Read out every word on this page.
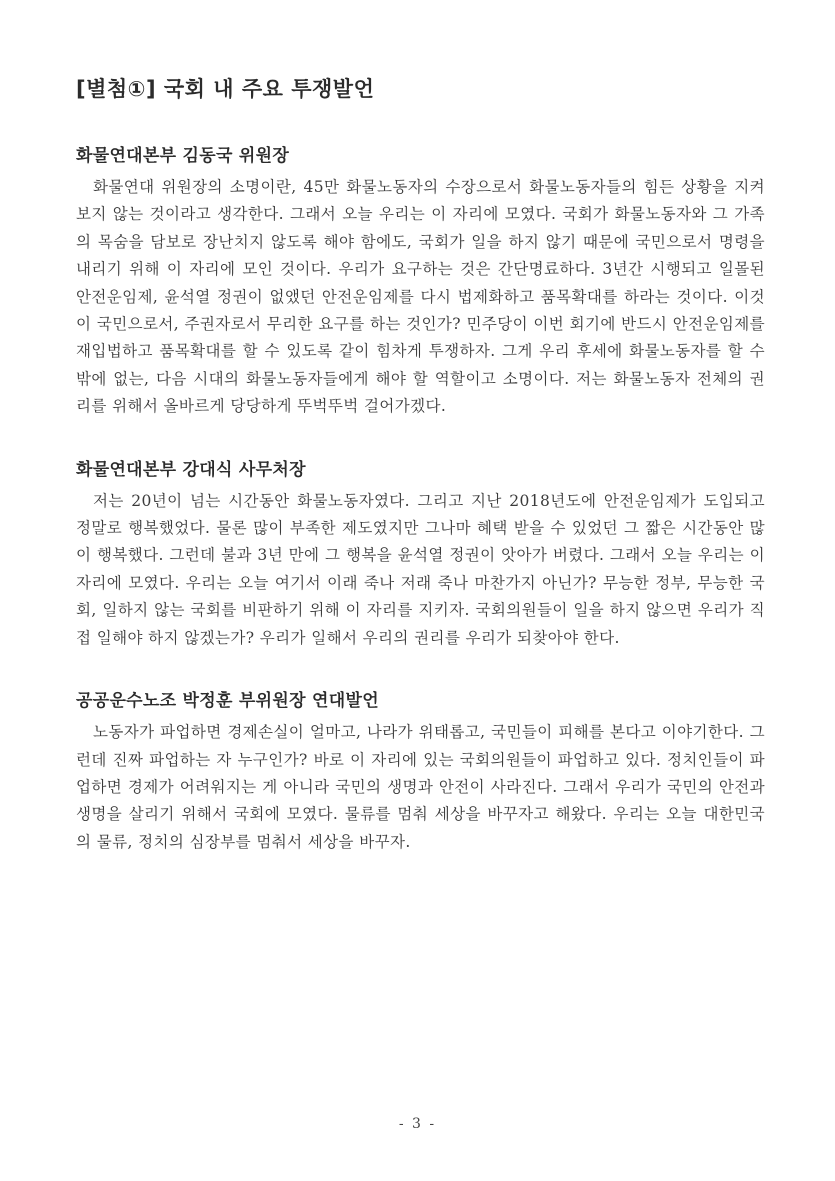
[별첨①] 국회 내 주요 투쟁발언
화물연대본부 김동국 위원장

화물연대 위원장의 소명이란, 45만 화물노동자의 수장으로서 화물노동자들의 힘든 상황을 지켜보지 않는 것이라고 생각한다. 그래서 오늘 우리는 이 자리에 모였다. 국회가 화물노동자와 그 가족의 목숨을 담보로 장난치지 않도록 해야 함에도, 국회가 일을 하지 않기 때문에 국민으로서 명령을 내리기 위해 이 자리에 모인 것이다. 우리가 요구하는 것은 간단명료하다. 3년간 시행되고 일몰된 안전운임제, 윤석열 정권이 없앴던 안전운임제를 다시 법제화하고 품목확대를 하라는 것이다. 이것이 국민으로서, 주권자로서 무리한 요구를 하는 것인가? 민주당이 이번 회기에 반드시 안전운임제를 재입법하고 품목확대를 할 수 있도록 같이 힘차게 투쟁하자. 그게 우리 후세에 화물노동자를 할 수밖에 없는, 다음 시대의 화물노동자들에게 해야 할 역할이고 소명이다. 저는 화물노동자 전체의 권리를 위해서 올바르게 당당하게 뚜벅뚜벅 걸어가겠다.

화물연대본부 강대식 사무처장

저는 20년이 넘는 시간동안 화물노동자였다. 그리고 지난 2018년도에 안전운임제가 도입되고 정말로 행복했었다. 물론 많이 부족한 제도였지만 그나마 혜택 받을 수 있었던 그 짧은 시간동안 많이 행복했다. 그런데 불과 3년 만에 그 행복을 윤석열 정권이 앗아가 버렸다. 그래서 오늘 우리는 이 자리에 모였다. 우리는 오늘 여기서 이래 죽나 저래 죽나 마찬가지 아닌가? 무능한 정부, 무능한 국회, 일하지 않는 국회를 비판하기 위해 이 자리를 지키자. 국회의원들이 일을 하지 않으면 우리가 직접 일해야 하지 않겠는가? 우리가 일해서 우리의 권리를 우리가 되찾아야 한다.

공공운수노조 박정훈 부위원장 연대발언

노동자가 파업하면 경제손실이 얼마고, 나라가 위태롭고, 국민들이 피해를 본다고 이야기한다. 그런데 진짜 파업하는 자 누구인가? 바로 이 자리에 있는 국회의원들이 파업하고 있다. 정치인들이 파업하면 경제가 어려워지는 게 아니라 국민의 생명과 안전이 사라진다. 그래서 우리가 국민의 안전과 생명을 살리기 위해서 국회에 모였다. 물류를 멈춰 세상을 바꾸자고 해왔다. 우리는 오늘 대한민국의 물류, 정치의 심장부를 멈춰서 세상을 바꾸자.

- 3 -
